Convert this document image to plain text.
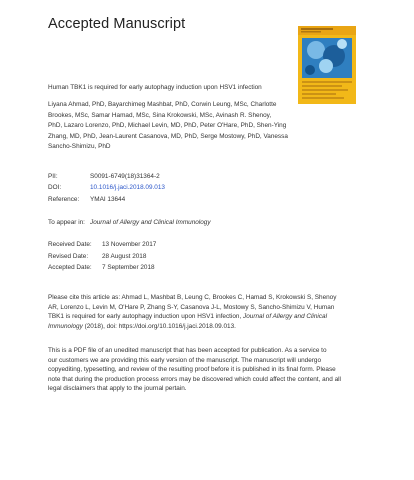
Accepted Manuscript
Human TBK1 is required for early autophagy induction upon HSV1 infection
Liyana Ahmad, PhD, Bayarchimeg Mashbat, PhD, Corwin Leung, MSc, Charlotte
Brookes, MSc, Samar Hamad, MSc, Sina Krokowski, MSc, Avinash R. Shenoy,
PhD, Lazaro Lorenzo, PhD, Michael Levin, MD, PhD, Peter O'Hare, PhD, Shen-Ying
Zhang, MD, PhD, Jean-Laurent Casanova, MD, PhD, Serge Mostowy, PhD, Vanessa
Sancho-Shimizu, PhD
PII:	S0091-6749(18)31364-2
DOI:	10.1016/j.jaci.2018.09.013
Reference: YMAI 13644
To appear in: Journal of Allergy and Clinical Immunology
Received Date: 13 November 2017
Revised Date: 28 August 2018
Accepted Date: 7 September 2018
Please cite this article as: Ahmad L, Mashbat B, Leung C, Brookes C, Hamad S, Krokowski S, Shenoy
AR, Lorenzo L, Levin M, O'Hare P, Zhang S-Y, Casanova J-L, Mostowy S, Sancho-Shimizu V, Human
TBK1 is required for early autophagy induction upon HSV1 infection, Journal of Allergy and Clinical
Immunology (2018), doi: https://doi.org/10.1016/j.jaci.2018.09.013.
This is a PDF file of an unedited manuscript that has been accepted for publication. As a service to
our customers we are providing this early version of the manuscript. The manuscript will undergo
copyediting, typesetting, and review of the resulting proof before it is published in its final form. Please
note that during the production process errors may be discovered which could affect the content, and all
legal disclaimers that apply to the journal pertain.
